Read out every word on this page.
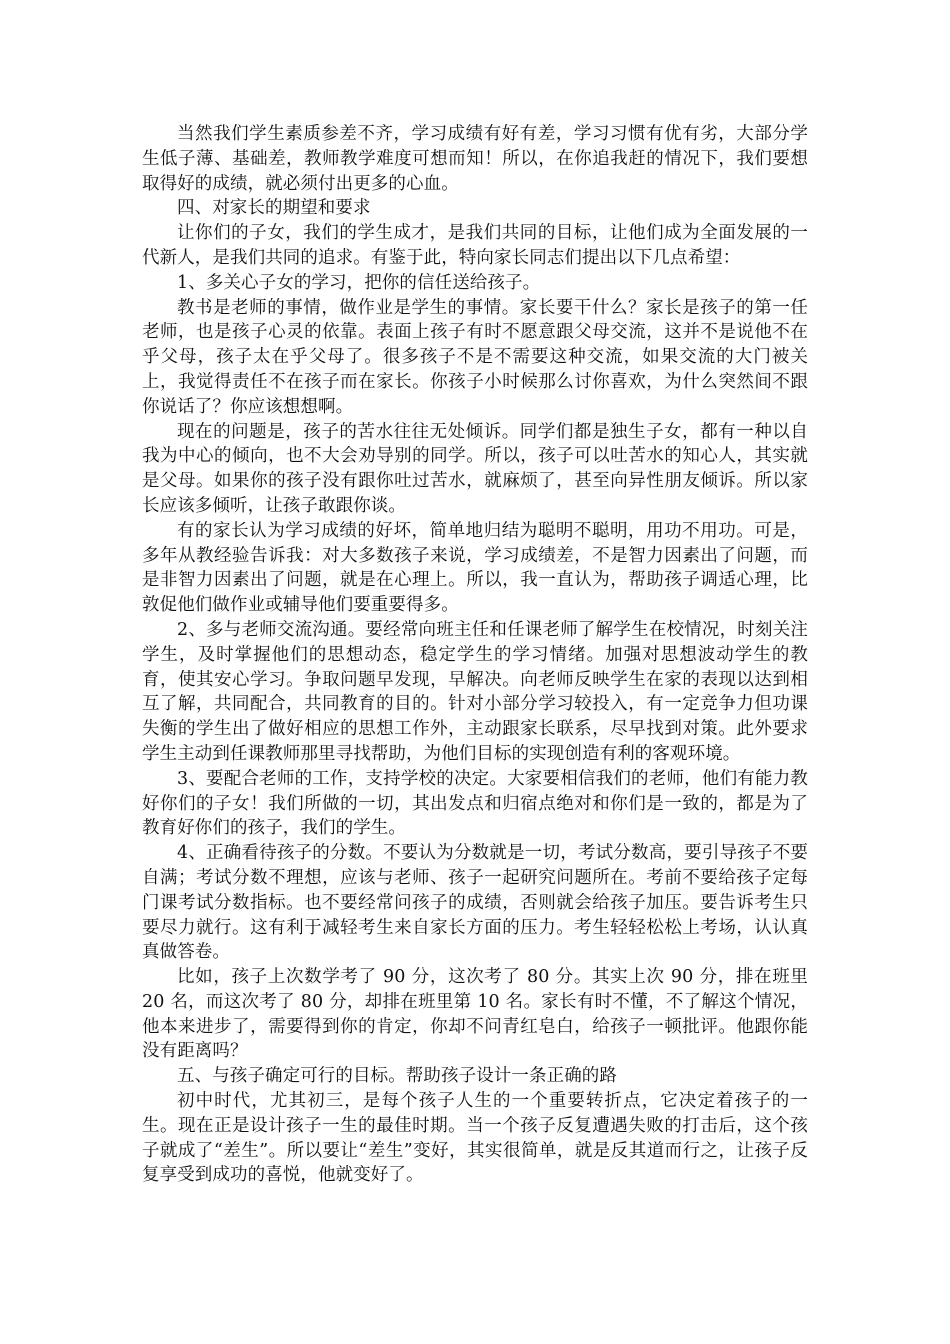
当然我们学生素质参差不齐，学习成绩有好有差，学习习惯有优有劣，大部分学生低子薄、基础差，教师教学难度可想而知！所以，在你追我赶的情况下，我们要想取得好的成绩，就必须付出更多的心血。

四、对家长的期望和要求

让你们的子女，我们的学生成才，是我们共同的目标，让他们成为全面发展的一代新人，是我们共同的追求。有鉴于此，特向家长同志们提出以下几点希望：

1、多关心子女的学习，把你的信任送给孩子。

教书是老师的事情，做作业是学生的事情。家长要干什么？家长是孩子的第一任老师，也是孩子心灵的依靠。表面上孩子有时不愿意跟父母交流，这并不是说他不在乎父母，孩子太在乎父母了。很多孩子不是不需要这种交流，如果交流的大门被关上，我觉得责任不在孩子而在家长。你孩子小时候那么讨你喜欢，为什么突然间不跟你说话了？你应该想想啊。

现在的问题是，孩子的苦水往往无处倾诉。同学们都是独生子女，都有一种以自我为中心的倾向，也不大会劝导别的同学。所以，孩子可以吐苦水的知心人，其实就是父母。如果你的孩子没有跟你吐过苦水，就麻烦了，甚至向异性朋友倾诉。所以家长应该多倾听，让孩子敢跟你谈。

有的家长认为学习成绩的好坏，简单地归结为聪明不聪明，用功不用功。可是，多年从教经验告诉我：对大多数孩子来说，学习成绩差，不是智力因素出了问题，而是非智力因素出了问题，就是在心理上。所以，我一直认为，帮助孩子调适心理，比敦促他们做作业或辅导他们要重要得多。

2、多与老师交流沟通。要经常向班主任和任课老师了解学生在校情况，时刻关注学生，及时掌握他们的思想动态，稳定学生的学习情绪。加强对思想波动学生的教育，使其安心学习。争取问题早发现，早解决。向老师反映学生在家的表现以达到相互了解，共同配合，共同教育的目的。针对小部分学习较投入，有一定竞争力但功课失衡的学生出了做好相应的思想工作外，主动跟家长联系，尽早找到对策。此外要求学生主动到任课教师那里寻找帮助，为他们目标的实现创造有利的客观环境。

3、要配合老师的工作，支持学校的决定。大家要相信我们的老师，他们有能力教好你们的子女！我们所做的一切，其出发点和归宿点绝对和你们是一致的，都是为了教育好你们的孩子，我们的学生。

4、正确看待孩子的分数。不要认为分数就是一切，考试分数高，要引导孩子不要自满；考试分数不理想，应该与老师、孩子一起研究问题所在。考前不要给孩子定每门课考试分数指标。也不要经常问孩子的成绩，否则就会给孩子加压。要告诉考生只要尽力就行。这有利于减轻考生来自家长方面的压力。考生轻轻松松上考场，认认真真做答卷。

比如，孩子上次数学考了 90 分，这次考了 80 分。其实上次 90 分，排在班里 20 名，而这次考了 80 分，却排在班里第 10 名。家长有时不懂，不了解这个情况，他本来进步了，需要得到你的肯定，你却不问青红皂白，给孩子一顿批评。他跟你能没有距离吗？

五、与孩子确定可行的目标。帮助孩子设计一条正确的路

初中时代，尤其初三，是每个孩子人生的一个重要转折点，它决定着孩子的一生。现在正是设计孩子一生的最佳时期。当一个孩子反复遭遇失败的打击后，这个孩子就成了“差生”。所以要让“差生”变好，其实很简单，就是反其道而行之，让孩子反复享受到成功的喜悦，他就变好了。
